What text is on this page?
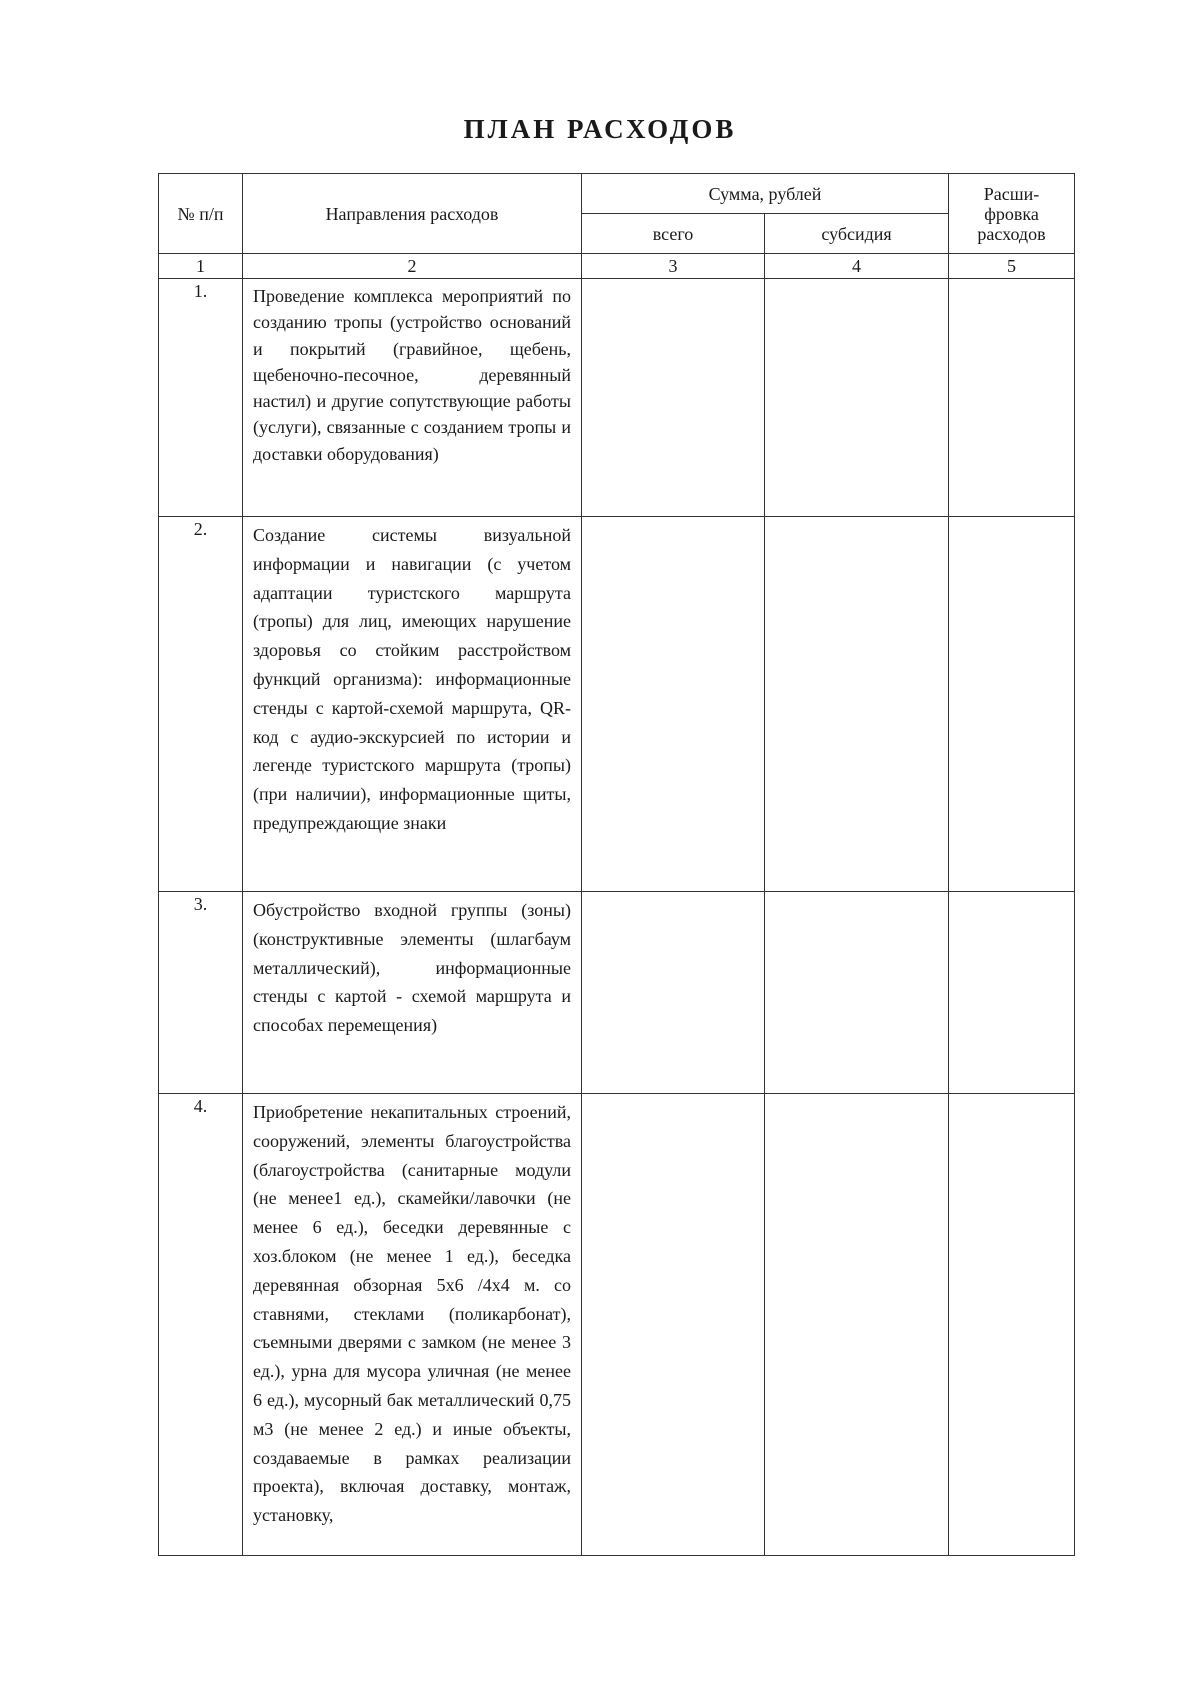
ПЛАН РАСХОДОВ
№ п/п	Направления расходов	Сумма, рублей		Расши-
фровка
расходов
		всего	субсидия	
1	2	3	4	5
1.	Проведение комплекса мероприятий по созданию тропы (устройство оснований и покрытий (гравийное, щебень, щебеночно-песочное, деревянный настил) и другие сопутствующие работы (услуги), связанные с созданием тропы и доставки оборудования)			

2.	Создание системы визуальной информации и навигации (с учетом адаптации туристского маршрута (тропы) для лиц, имеющих нарушение здоровья со стойким расстройством функций организма): информационные стенды с картой-схемой маршрута, QR-код с аудио-экскурсией по истории и легенде туристского маршрута (тропы) (при наличии), информационные щиты, предупреждающие знаки			

3.	Обустройство входной группы (зоны) (конструктивные элементы (шлагбаум металлический), информационные стенды с картой - схемой маршрута и способах перемещения)			

4.	Приобретение некапитальных строений, сооружений, элементы благоустройства (благоустройства (санитарные модули (не менее1 ед.), скамейки/лавочки (не менее 6 ед.), беседки деревянные с хоз.блоком (не менее 1 ед.), беседка деревянная обзорная 5х6 /4х4 м. со ставнями, стеклами (поликарбонат), съемными дверями с замком (не менее 3 ед.), урна для мусора уличная (не менее 6 ед.), мусорный бак металлический 0,75 м3 (не менее 2 ед.) и иные объекты, создаваемые в рамках реализации проекта), включая доставку, монтаж, установку,			
